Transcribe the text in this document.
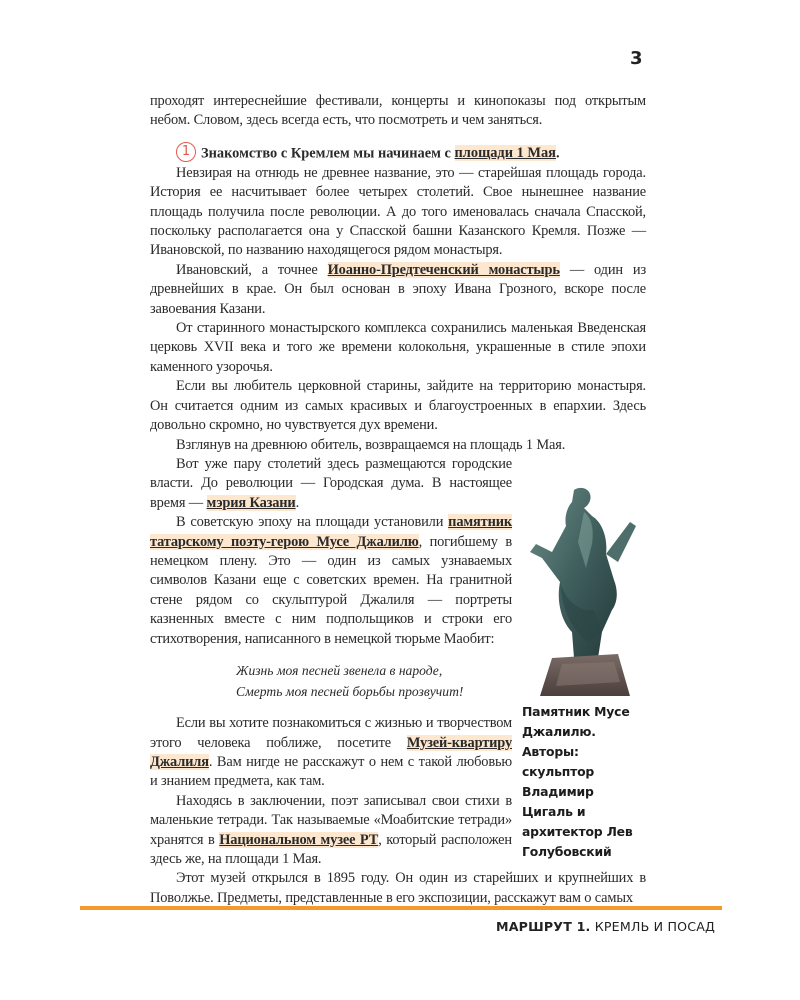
3

проходят интереснейшие фестивали, концерты и кинопоказы под открытым небом. Словом, здесь всегда есть, что посмотреть и чем заняться.

1 Знакомство с Кремлем мы начинаем с площади 1 Мая.

Невзирая на отнюдь не древнее название, это — старейшая площадь города. История ее насчитывает более четырех столетий. Свое нынешнее название площадь получила после революции. А до того именовалась сначала Спасской, поскольку располагается она у Спасской башни Казанского Кремля. Позже — Ивановской, по названию находящегося рядом монастыря.

Ивановский, а точнее Иоанно-Предтеченский монастырь — один из древнейших в крае. Он был основан в эпоху Ивана Грозного, вскоре после завоевания Казани.

От старинного монастырского комплекса сохранились маленькая Введенская церковь XVII века и того же времени колокольня, украшенные в стиле эпохи каменного узорочья.

Если вы любитель церковной старины, зайдите на территорию монастыря. Он считается одним из самых красивых и благоустроенных в епархии. Здесь довольно скромно, но чувствуется дух времени.

Взглянув на древнюю обитель, возвращаемся на площадь 1 Мая.

Вот уже пару столетий здесь размещаются городские власти. До революции — Городская дума. В настоящее время — мэрия Казани.

В советскую эпоху на площади установили памятник татарскому поэту-герою Мусе Джалилю, погибшему в немецком плену. Это — один из самых узнаваемых символов Казани еще с советских времен. На гранитной стене рядом со скульптурой Джалиля — портреты казненных вместе с ним подпольщиков и строки его стихотворения, написанного в немецкой тюрьме Маобит:

Жизнь моя песней звенела в народе,
Смерть моя песней борьбы прозвучит!

Если вы хотите познакомиться с жизнью и творчеством этого человека поближе, посетите Музей-квартиру Джалиля. Вам нигде не расскажут о нем с такой любовью и знанием предмета, как там.

Находясь в заключении, поэт записывал свои стихи в маленькие тетради. Так называемые «Моабитские тетради» хранятся в Национальном музее РТ, который расположен здесь же, на площади 1 Мая.

Этот музей открылся в 1895 году. Он один из старейших и крупнейших в Поволжье. Предметы, представленные в его экспозиции, расскажут вам о самых

Памятник Мусе Джалилю. Авторы: скульптор Владимир Цигаль и архитектор Лев Голубовский
МАРШРУТ 1. КРЕМЛЬ И ПОСАД
